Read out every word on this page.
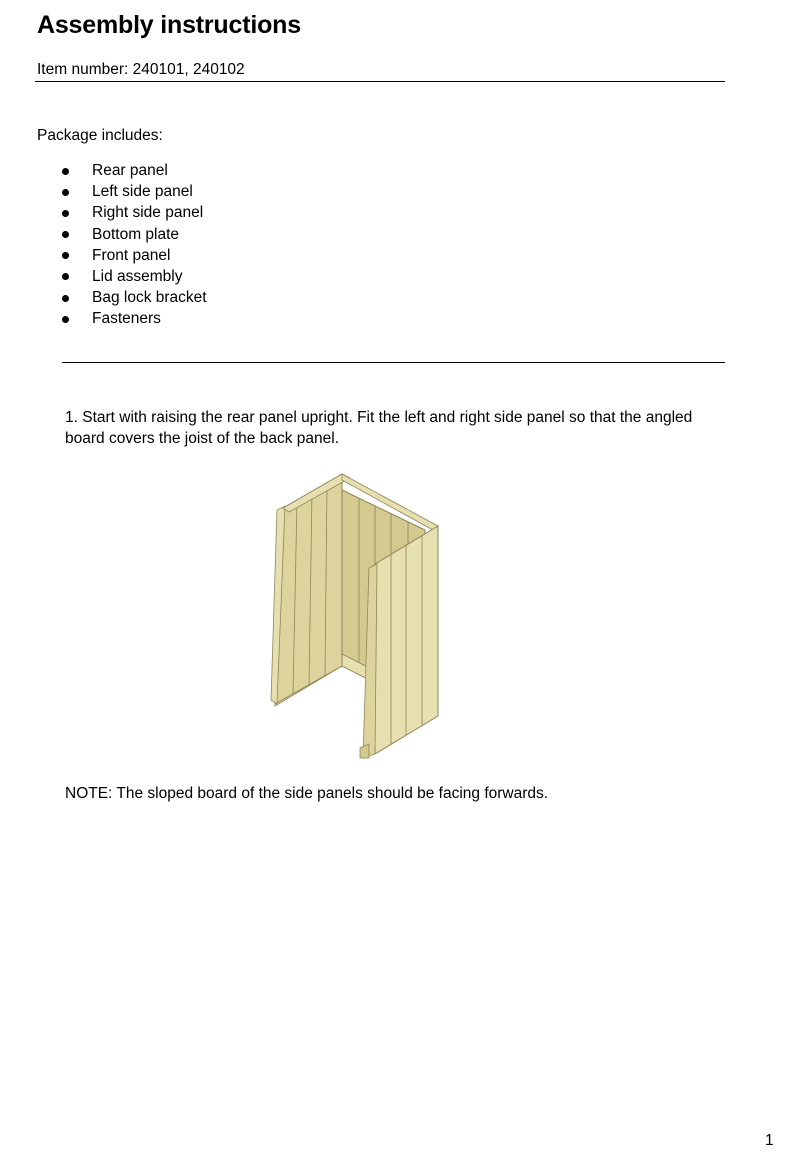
Assembly instructions
Item number: 240101, 240102
Package includes:
Rear panel
Left side panel
Right side panel
Bottom plate
Front panel
Lid assembly
Bag lock bracket
Fasteners

1. Start with raising the rear panel upright. Fit the left and right side panel so that the angled board covers the joist of the back panel.

NOTE: The sloped board of the side panels should be facing forwards.

1
